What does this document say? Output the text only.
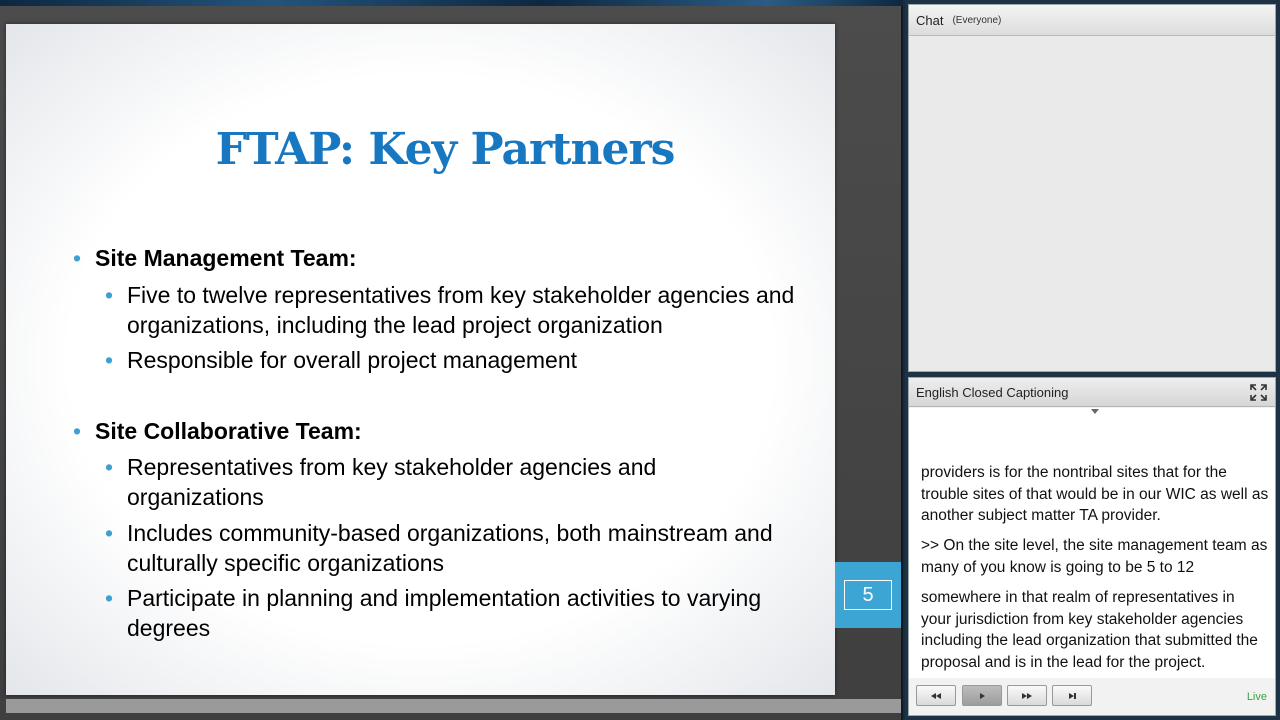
FTAP: Key Partners
• Site Management Team:
• Five to twelve representatives from key stakeholder agencies and organizations, including the lead project organization
• Responsible for overall project management
• Site Collaborative Team:
• Representatives from key stakeholder agencies and organizations
• Includes community-based organizations, both mainstream and culturally specific organizations
• Participate in planning and implementation activities to varying degrees
5
Chat (Everyone)
English Closed Captioning

providers is for the nontribal sites that for the trouble sites of that would be in our WIC as well as another subject matter TA provider.

>> On the site level, the site management team as many of you know is going to be 5 to 12

somewhere in that realm of representatives in your jurisdiction from key stakeholder agencies including the lead organization that submitted the proposal and is in the lead for the project.

Live
